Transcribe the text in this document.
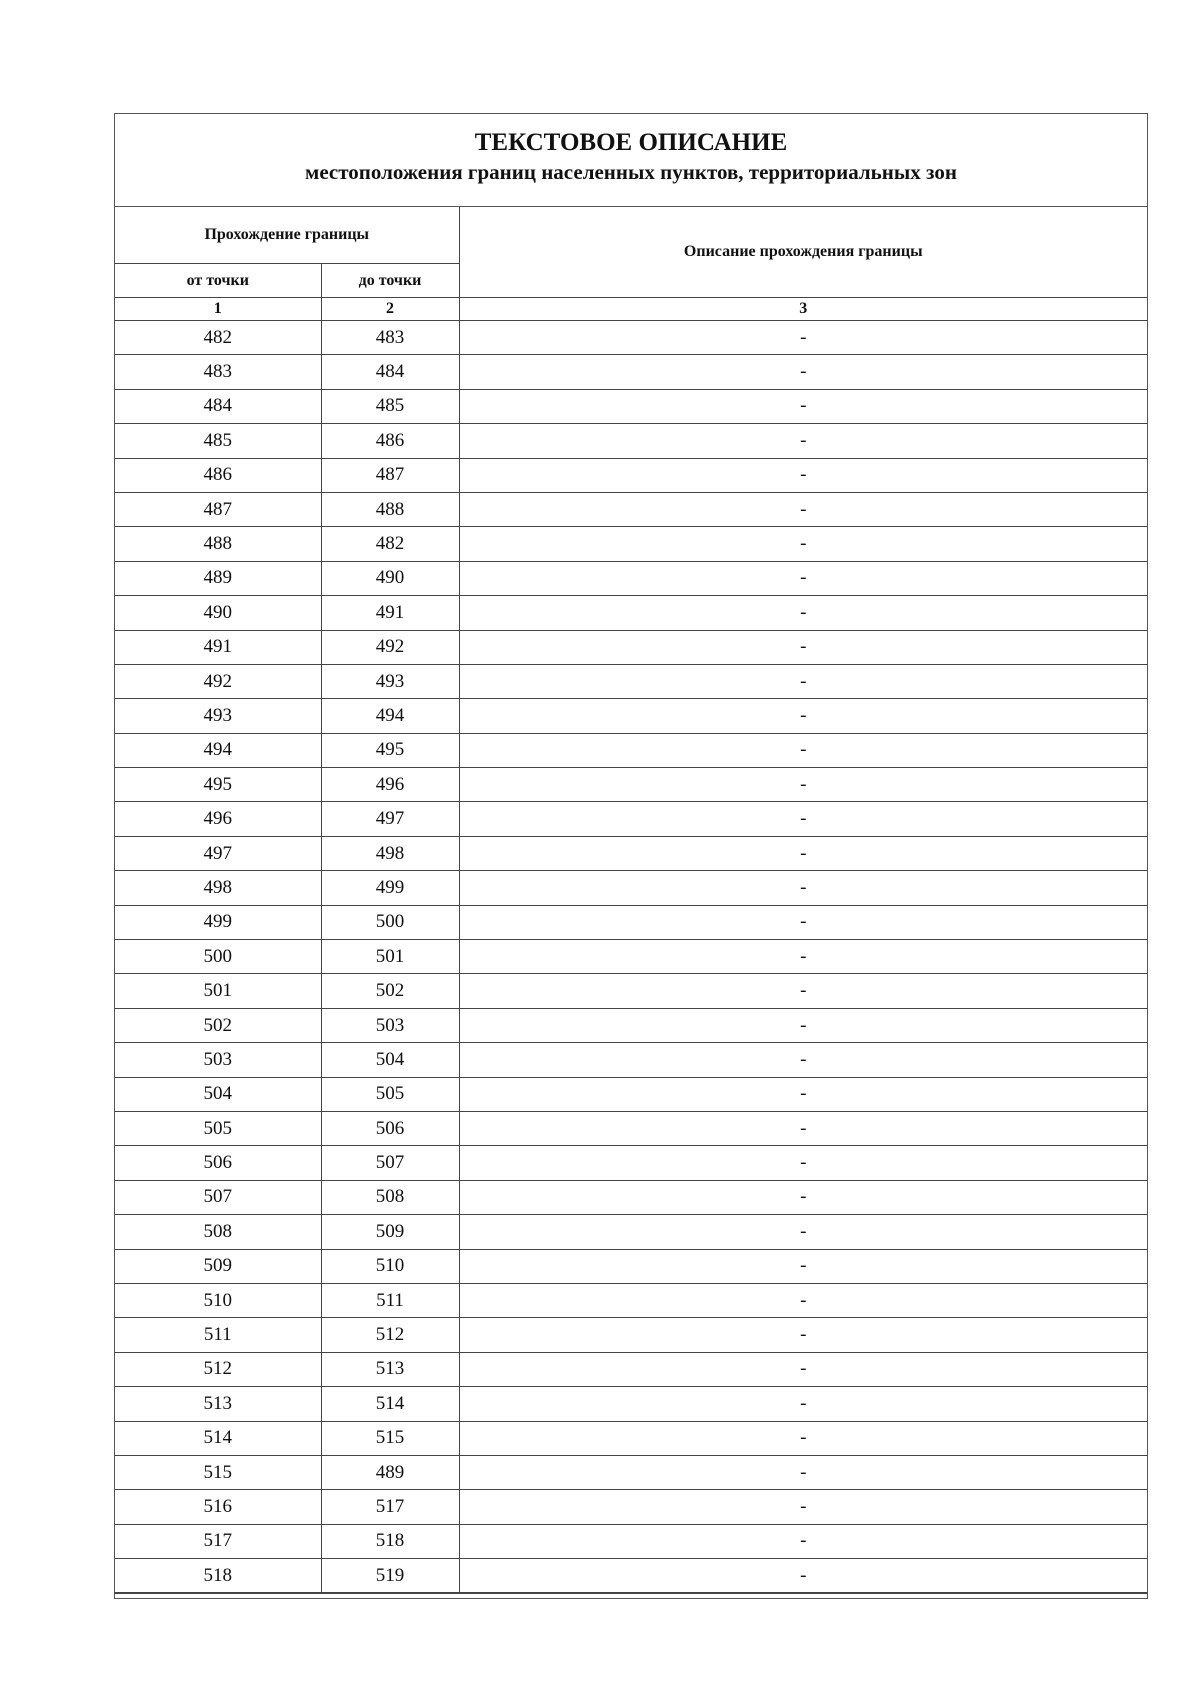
ТЕКСТОВОЕ ОПИСАНИЕ
местоположения границ населенных пунктов, территориальных зон
Прохождение границы		Описание прохождения границы
от точки	до точки	
1	2	3
482	483	-
483	484	-
484	485	-
485	486	-
486	487	-
487	488	-
488	482	-
489	490	-
490	491	-
491	492	-
492	493	-
493	494	-
494	495	-
495	496	-
496	497	-
497	498	-
498	499	-
499	500	-
500	501	-
501	502	-
502	503	-
503	504	-
504	505	-
505	506	-
506	507	-
507	508	-
508	509	-
509	510	-
510	511	-
511	512	-
512	513	-
513	514	-
514	515	-
515	489	-
516	517	-
517	518	-
518	519	-
